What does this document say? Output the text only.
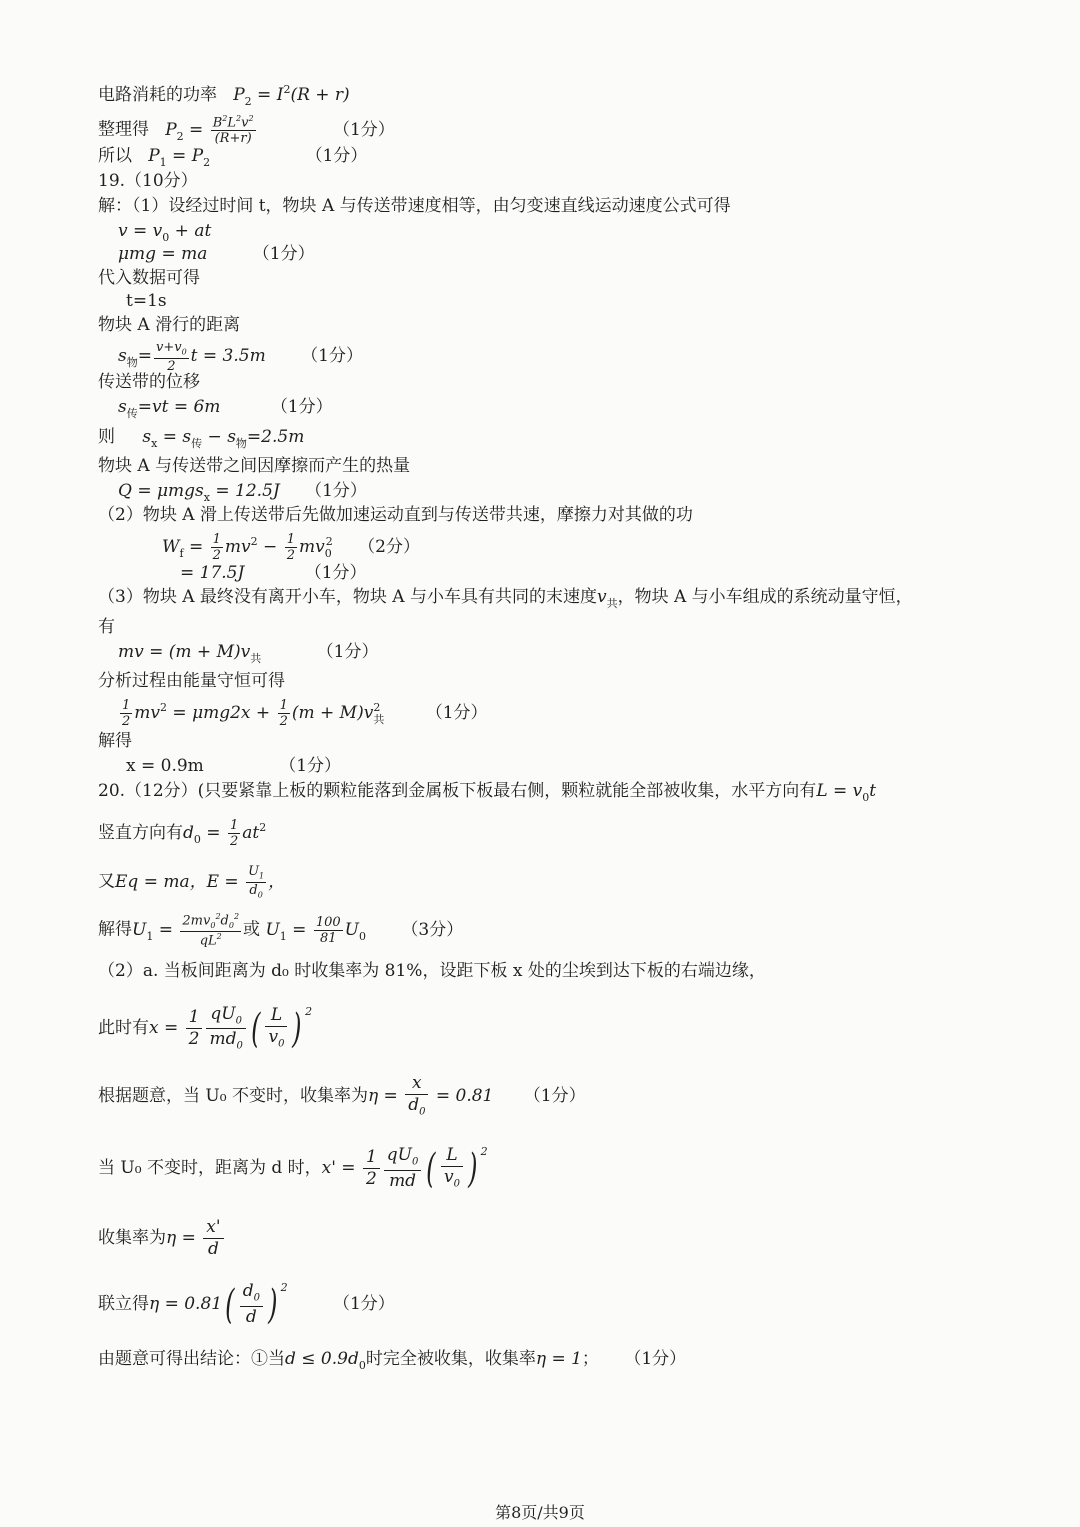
电路消耗的功率   $P_2 = I^2(R + r)$
整理得   $P_2 = \frac{B^2L^2v^2}{(R+r)}$	（1分）
所以   $P_1 = P_2$	（1分）
19.（10分）
解：（1）设经过时间 t，物块 A 与传送带速度相等，由匀变速直线运动速度公式可得
$v = v_0$ + at
μmg = ma	（1分）
代入数据可得
t=1s
物块 A 滑行的距离
$s_物= \frac{v+v_0}{2}$ t = 3.5m （1分）
传送带的位移
$s_传=vt = 6m$	（1分）
则 $s_x = s_传 - s_物=2.5m$
物块 A 与传送带之间因摩擦而产生的热量
Q = μmgs$_x$ = 12.5J （1分）
（2）物块 A 滑上传送带后先做加速运动直到与传送带共速，摩擦力对其做的功
$W_f = \frac{1}{2} mv^2 - \frac{1}{2} mv_0^2$ （2分）
= 17.5J	（1分）
（3）物块 A 最终没有离开小车，物块 A 与小车具有共同的末速度$v_共$，物块 A 与小车组成的系统动量守恒，
有
mv = $(m + M)v_共$	（1分）
分析过程由能量守恒可得
$\frac{1}{2} mv^2 = \mu mg2x + \frac{1}{2} (m + M)v_共^2$	（1分）
解得
x = 0.9m	（1分）
20.（12分）(只要紧靠上板的颗粒能落到金属板下板最右侧，颗粒就能全部被收集，水平方向有$L = v_0t$
竖直方向有$d_0 = \frac{1}{2} at^2$
又Eq = ma，$E = \frac{U_1}{d_0}$ ，
解得$U_1 = \frac{2mv_0^2d_0^2}{qL^2}$ 或 $U_1 = \frac{100}{81} U_0$ （3分）
（2）a. 当板间距离为 d₀ 时收集率为 81%，设距下板 x 处的尘埃到达下板的右端边缘，
此时有$x = \frac{1}{2} \frac{qU_0}{md_0}$ ( $\frac{L}{v_0}$ ) $^2$
根据题意，当 U₀ 不变时，收集率为$\eta = \frac{x}{d_0} = 0.81$ （1分）
当 U₀ 不变时，距离为 d 时，$x' = \frac{1}{2} \frac{qU_0}{md}$ ( $\frac{L}{v_0}$ ) $^2$
收集率为$\eta = \frac{x'}{d}$
联立得$\eta = 0.81( \frac{d_0}{d}$ ) $^2$ （1分）
由题意可得出结论：①当$d \le 0.9d_0$时完全被收集，收集率η = 1； （1分）
第8页/共9页
